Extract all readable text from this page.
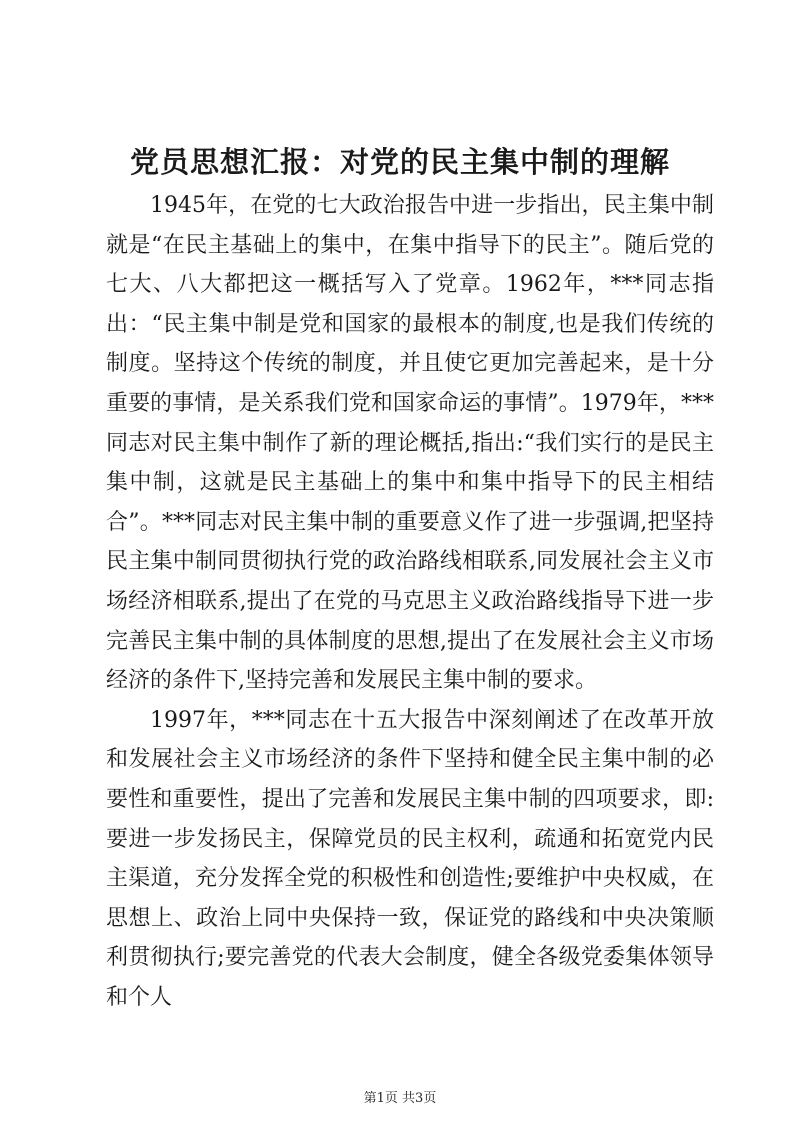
党员思想汇报：对党的民主集中制的理解

1945年，在党的七大政治报告中进一步指出，民主集中制就是“在民主基础上的集中，在集中指导下的民主”。随后党的七大、八大都把这一概括写入了党章。1962年，***同志指出：“民主集中制是党和国家的最根本的制度,也是我们传统的制度。坚持这个传统的制度，并且使它更加完善起来，是十分重要的事情，是关系我们党和国家命运的事情”。1979年，***同志对民主集中制作了新的理论概括,指出:“我们实行的是民主集中制，这就是民主基础上的集中和集中指导下的民主相结合”。***同志对民主集中制的重要意义作了进一步强调,把坚持民主集中制同贯彻执行党的政治路线相联系,同发展社会主义市场经济相联系,提出了在党的马克思主义政治路线指导下进一步完善民主集中制的具体制度的思想,提出了在发展社会主义市场经济的条件下,坚持完善和发展民主集中制的要求。

1997年，***同志在十五大报告中深刻阐述了在改革开放和发展社会主义市场经济的条件下坚持和健全民主集中制的必要性和重要性，提出了完善和发展民主集中制的四项要求，即:要进一步发扬民主，保障党员的民主权利，疏通和拓宽党内民主渠道，充分发挥全党的积极性和创造性;要维护中央权威，在思想上、政治上同中央保持一致，保证党的路线和中央决策顺利贯彻执行;要完善党的代表大会制度，健全各级党委集体领导和个人

第1页 共3页
